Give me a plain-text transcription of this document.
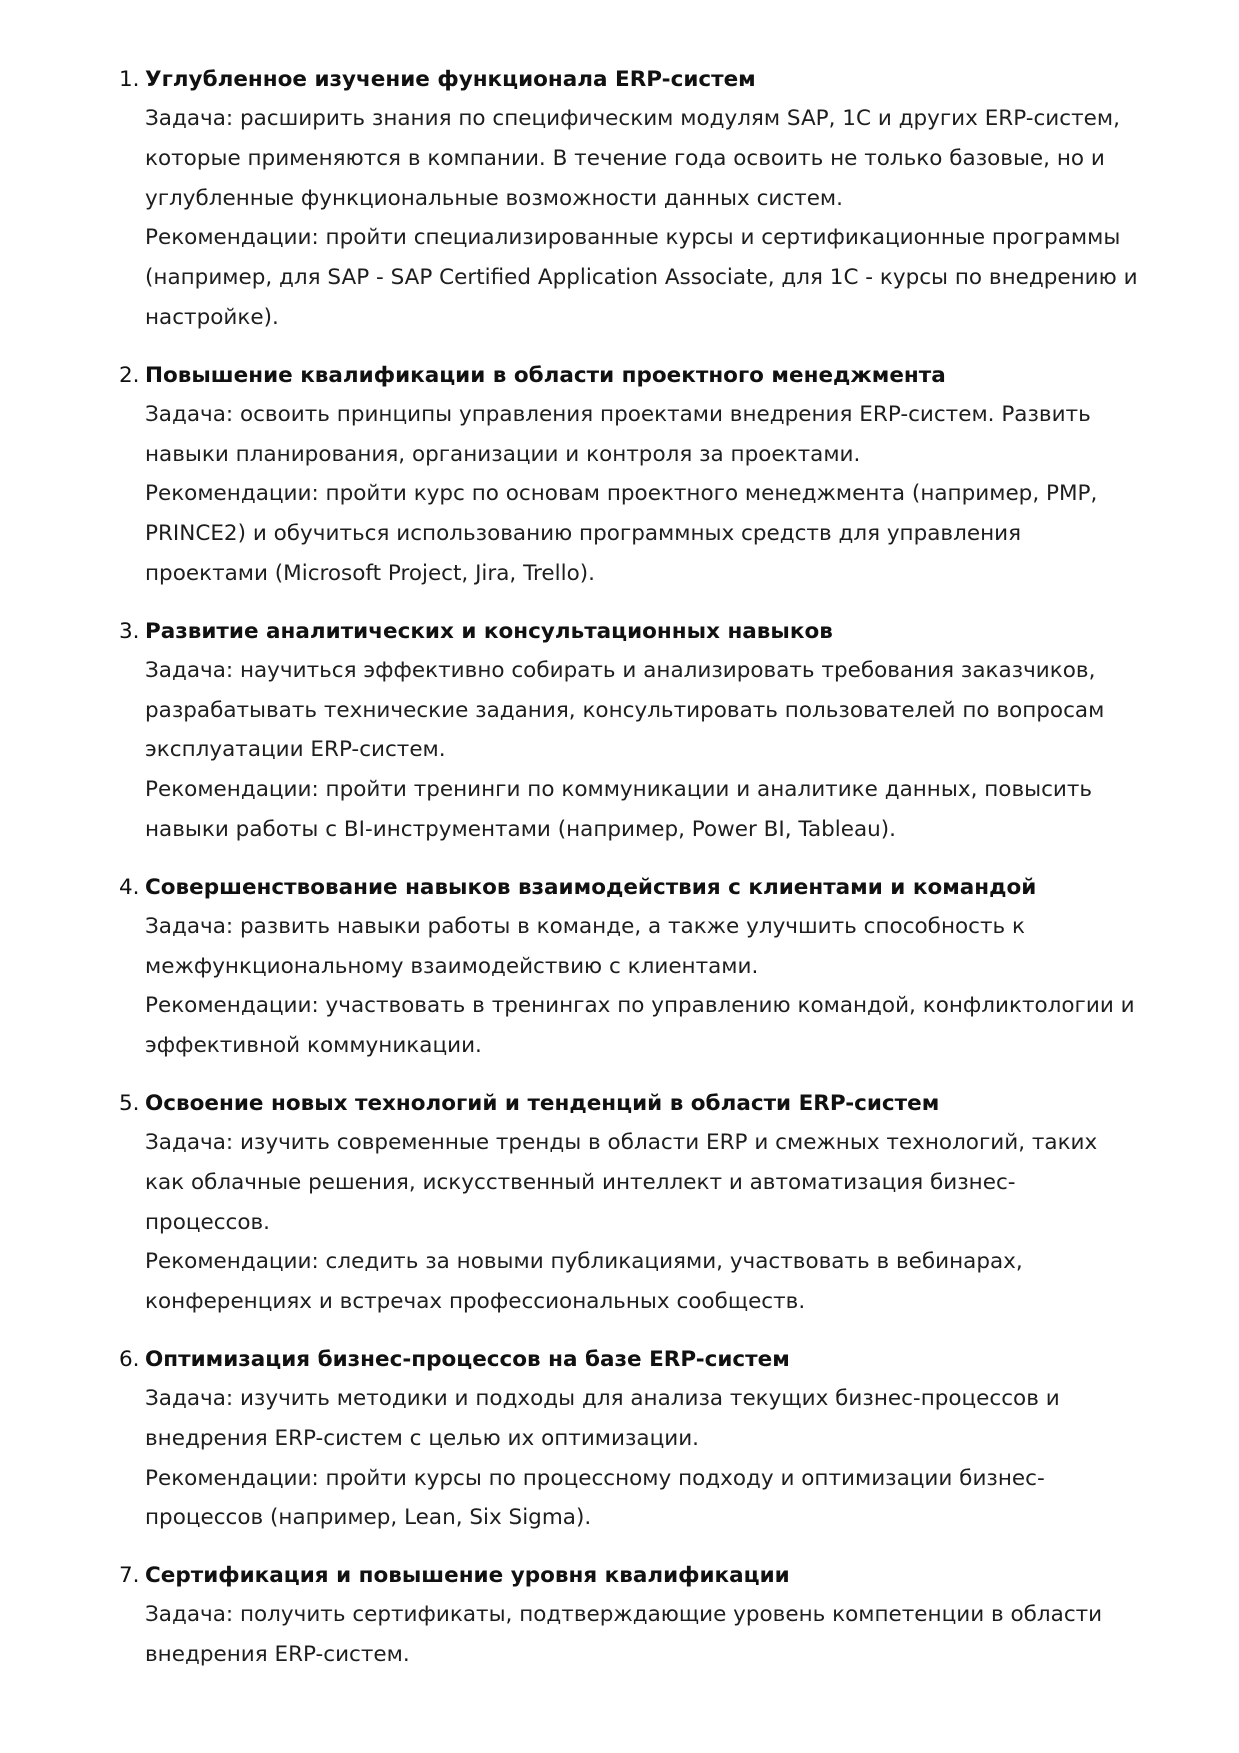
1. Углубленное изучение функционала ERP-систем

Задача: расширить знания по специфическим модулям SAP, 1С и других ERP-систем, которые применяются в компании. В течение года освоить не только базовые, но и углубленные функциональные возможности данных систем.

Рекомендации: пройти специализированные курсы и сертификационные программы (например, для SAP - SAP Certified Application Associate, для 1С - курсы по внедрению и настройке).

2. Повышение квалификации в области проектного менеджмента

Задача: освоить принципы управления проектами внедрения ERP-систем. Развить навыки планирования, организации и контроля за проектами.

Рекомендации: пройти курс по основам проектного менеджмента (например, PMP, PRINCE2) и обучиться использованию программных средств для управления проектами (Microsoft Project, Jira, Trello).

3. Развитие аналитических и консультационных навыков

Задача: научиться эффективно собирать и анализировать требования заказчиков, разрабатывать технические задания, консультировать пользователей по вопросам эксплуатации ERP-систем.

Рекомендации: пройти тренинги по коммуникации и аналитике данных, повысить навыки работы с BI-инструментами (например, Power BI, Tableau).

4. Совершенствование навыков взаимодействия с клиентами и командой

Задача: развить навыки работы в команде, а также улучшить способность к межфункциональному взаимодействию с клиентами.

Рекомендации: участвовать в тренингах по управлению командой, конфликтологии и эффективной коммуникации.

5. Освоение новых технологий и тенденций в области ERP-систем

Задача: изучить современные тренды в области ERP и смежных технологий, таких как облачные решения, искусственный интеллект и автоматизация бизнес-процессов.

Рекомендации: следить за новыми публикациями, участвовать в вебинарах, конференциях и встречах профессиональных сообществ.

6. Оптимизация бизнес-процессов на базе ERP-систем

Задача: изучить методики и подходы для анализа текущих бизнес-процессов и внедрения ERP-систем с целью их оптимизации.

Рекомендации: пройти курсы по процессному подходу и оптимизации бизнес-процессов (например, Lean, Six Sigma).

7. Сертификация и повышение уровня квалификации

Задача: получить сертификаты, подтверждающие уровень компетенции в области внедрения ERP-систем.
